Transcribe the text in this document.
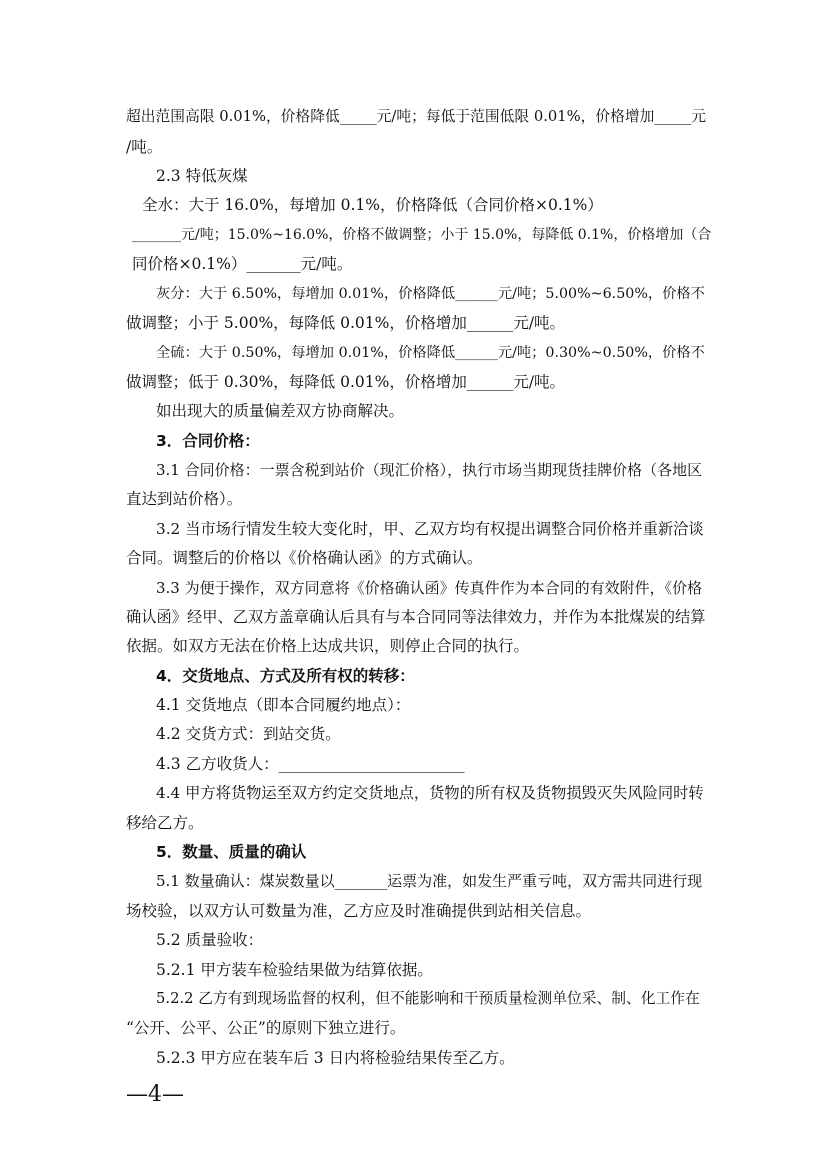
超出范围高限 0.01%，价格降低_____元/吨；每低于范围低限 0.01%，价格增加_____元
/吨。
2.3 特低灰煤
全水：大于 16.0%，每增加 0.1%，价格降低（合同价格×0.1%）
_______元/吨；15.0%~16.0%，价格不做调整；小于 15.0%，每降低 0.1%，价格增加（合
同价格×0.1%）_______元/吨。
灰分：大于 6.50%，每增加 0.01%，价格降低______元/吨；5.00%~6.50%，价格不
做调整；小于 5.00%，每降低 0.01%，价格增加______元/吨。
全硫：大于 0.50%，每增加 0.01%，价格降低______元/吨；0.30%~0.50%，价格不
做调整；低于 0.30%，每降低 0.01%，价格增加______元/吨。
如出现大的质量偏差双方协商解决。
3．合同价格：
3.1 合同价格：一票含税到站价（现汇价格），执行市场当期现货挂牌价格（各地区
直达到站价格）。
3.2 当市场行情发生较大变化时，甲、乙双方均有权提出调整合同价格并重新洽谈
合同。调整后的价格以《价格确认函》的方式确认。
3.3 为便于操作，双方同意将《价格确认函》传真件作为本合同的有效附件，《价格
确认函》经甲、乙双方盖章确认后具有与本合同同等法律效力，并作为本批煤炭的结算
依据。如双方无法在价格上达成共识，则停止合同的执行。
4．交货地点、方式及所有权的转移：
4.1 交货地点（即本合同履约地点）：
4.2 交货方式：到站交货。
4.3 乙方收货人：________________________
4.4 甲方将货物运至双方约定交货地点，货物的所有权及货物损毁灭失风险同时转
移给乙方。
5．数量、质量的确认
5.1 数量确认：煤炭数量以_______运票为准，如发生严重亏吨，双方需共同进行现
场校验，以双方认可数量为准，乙方应及时准确提供到站相关信息。
5.2 质量验收：
5.2.1 甲方装车检验结果做为结算依据。
5.2.2 乙方有到现场监督的权利，但不能影响和干预质量检测单位采、制、化工作在
“公开、公平、公正”的原则下独立进行。
5.2.3 甲方应在装车后 3 日内将检验结果传至乙方。
—4—
